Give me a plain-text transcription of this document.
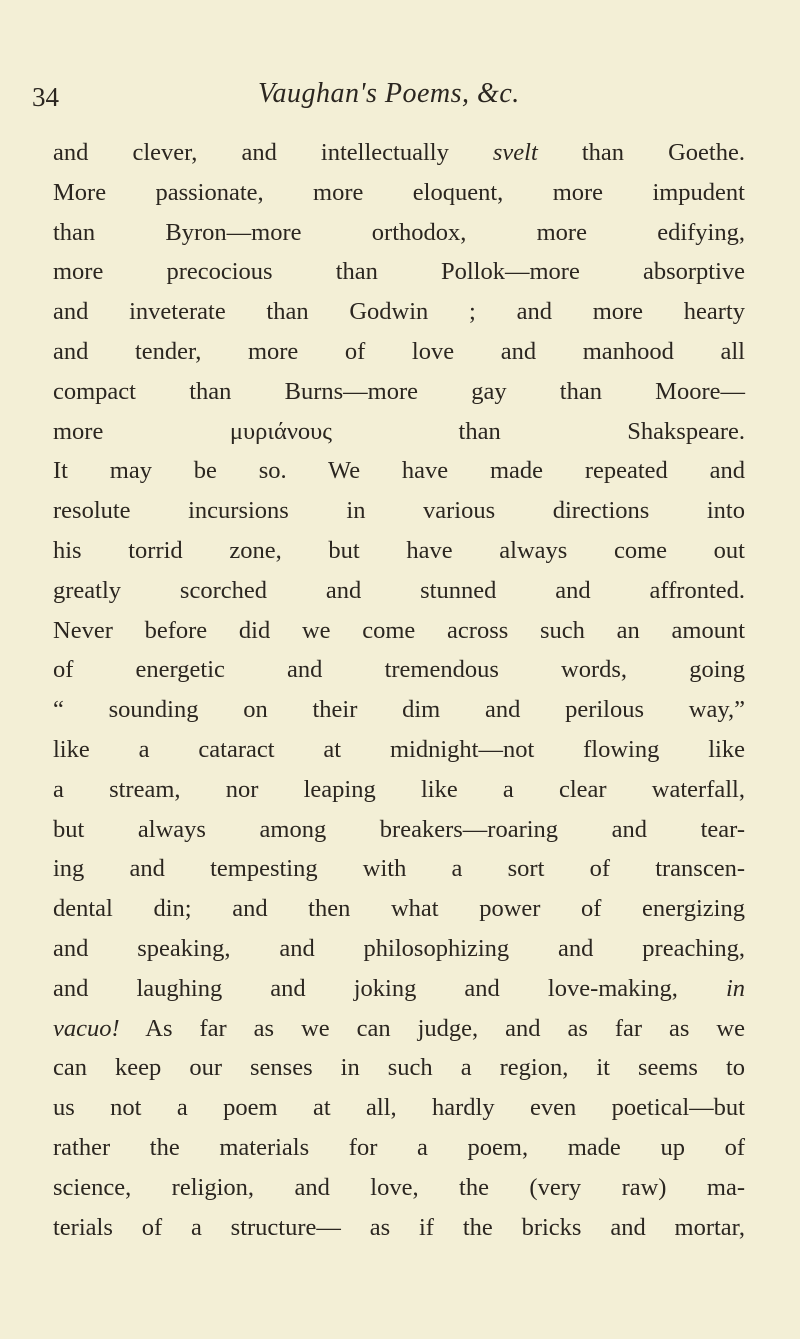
34	Vaughan's Poems, &c.
and clever, and intellectually svelt than Goethe.
More passionate, more eloquent, more impudent
than Byron—more orthodox, more edifying,
more precocious than Pollok—more absorptive
and inveterate than Godwin ; and more hearty
and tender, more of love and manhood all
compact than Burns—more gay than Moore—
more μυριάνους than Shakspeare.
It may be so. We have made repeated and
resolute incursions in various directions into
his torrid zone, but have always come out
greatly scorched and stunned and affronted.
Never before did we come across such an amount
of energetic and tremendous words, going
“ sounding on their dim and perilous way,”
like a cataract at midnight—not flowing like
a stream, nor leaping like a clear waterfall,
but always among breakers—roaring and tear-
ing and tempesting with a sort of transcen-
dental din; and then what power of energizing
and speaking, and philosophizing and preaching,
and laughing and joking and love-making, in
vacuo! As far as we can judge, and as far as we
can keep our senses in such a region, it seems to
us not a poem at all, hardly even poetical—but
rather the materials for a poem, made up of
science, religion, and love, the (very raw) ma-
terials of a structure— as if the bricks and mortar,
